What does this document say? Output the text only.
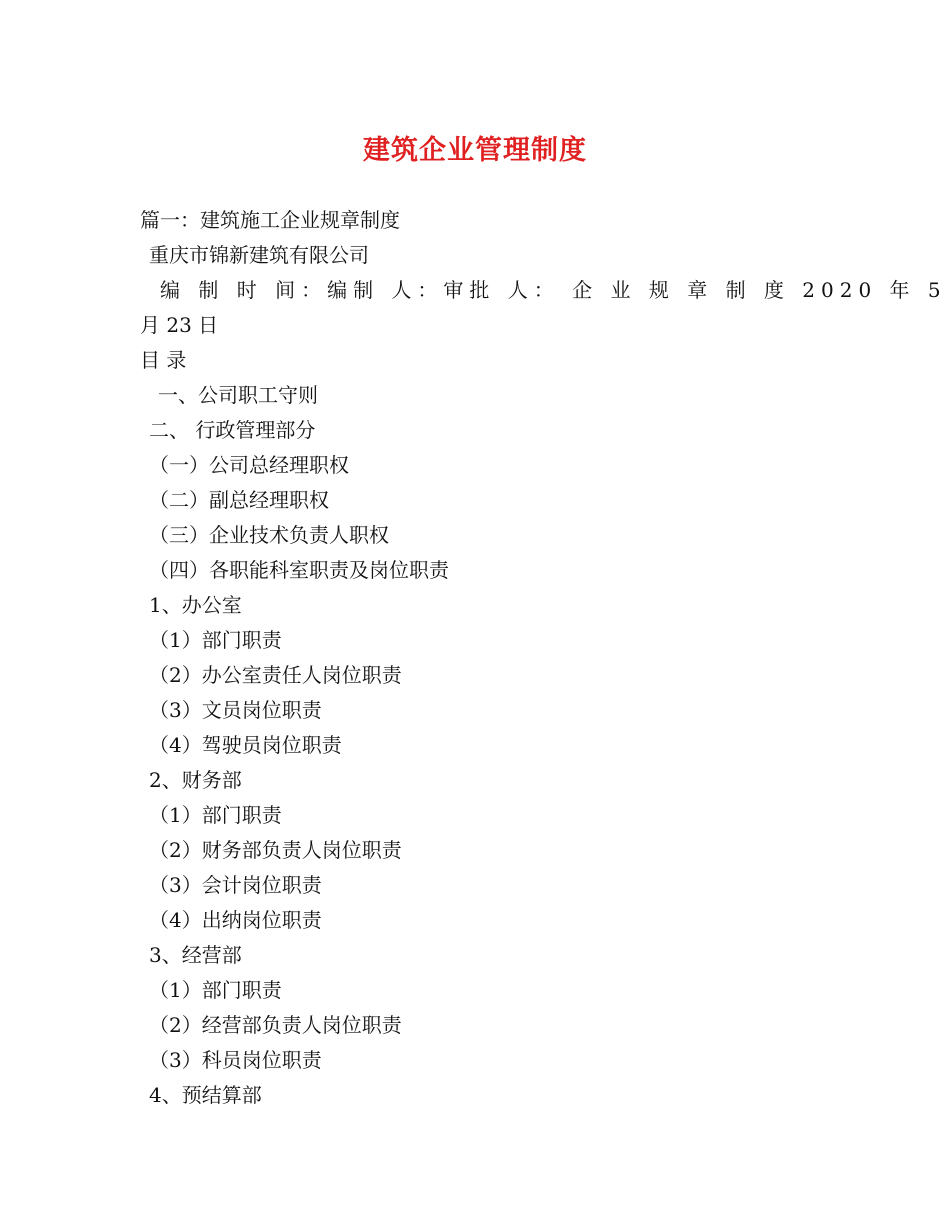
建筑企业管理制度
篇一：建筑施工企业规章制度
重庆市锦新建筑有限公司
编 制 时 间：编制 人：审批 人： 企 业 规 章 制 度 2020 年 5
月 23 日
目 录
一、公司职工守则
二、 行政管理部分
（一）公司总经理职权
（二）副总经理职权
（三）企业技术负责人职权
（四）各职能科室职责及岗位职责
1、办公室
（1）部门职责
（2）办公室责任人岗位职责
（3）文员岗位职责
（4）驾驶员岗位职责
2、财务部
（1）部门职责
（2）财务部负责人岗位职责
（3）会计岗位职责
（4）出纳岗位职责
3、经营部
（1）部门职责
（2）经营部负责人岗位职责
（3）科员岗位职责
4、预结算部
